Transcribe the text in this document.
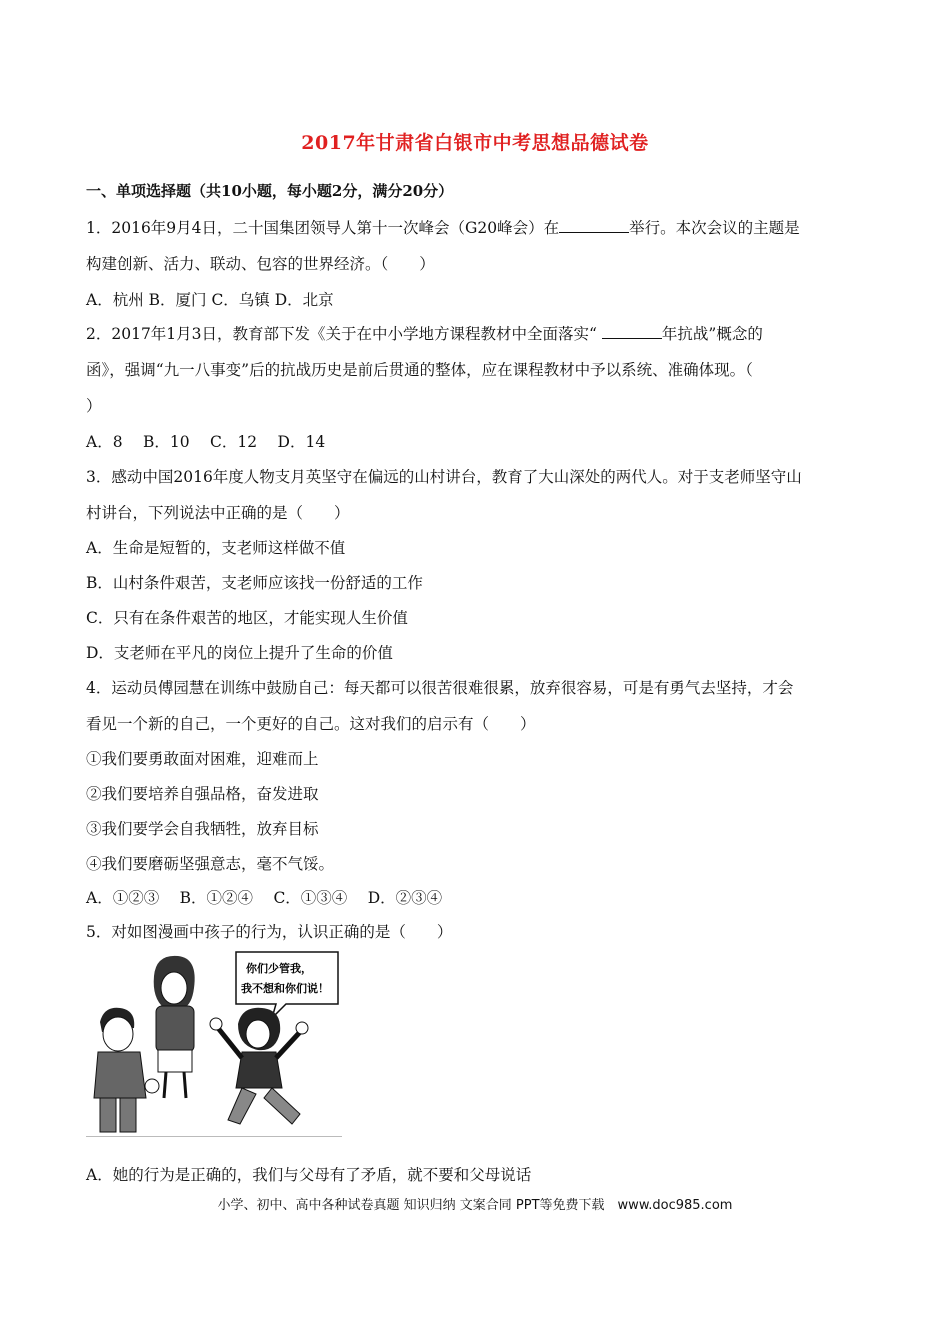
2017年甘肃省白银市中考思想品德试卷
一、单项选择题（共10小题，每小题2分，满分20分）
1．2016年9月4日，二十国集团领导人第十一次峰会（G20峰会）在	举行。本次会议的主题是
构建创新、活力、联动、包容的世界经济。（　　）
A．杭州 B．厦门 C．乌镇 D．北京
2．2017年1月3日，教育部下发《关于在中小学地方课程教材中全面落实“	年抗战”概念的
函》，强调“九一八事变”后的抗战历史是前后贯通的整体，应在课程教材中予以系统、准确体现。（
）
A．8　 B．10　 C．12　 D．14
3．感动中国2016年度人物支月英坚守在偏远的山村讲台，教育了大山深处的两代人。对于支老师坚守山
村讲台，下列说法中正确的是（　　）
A．生命是短暂的，支老师这样做不值
B．山村条件艰苦，支老师应该找一份舒适的工作
C．只有在条件艰苦的地区，才能实现人生价值
D．支老师在平凡的岗位上提升了生命的价值
4．运动员傅园慧在训练中鼓励自己：每天都可以很苦很难很累，放弃很容易，可是有勇气去坚持，才会
看见一个新的自己，一个更好的自己。这对我们的启示有（　　）
①我们要勇敢面对困难，迎难而上
②我们要培养自强品格，奋发进取
③我们要学会自我牺牲，放弃目标
④我们要磨砺坚强意志，毫不气馁。
A．①②③　 B．①②④　 C．①③④　 D．②③④
5．对如图漫画中孩子的行为，认识正确的是（　　）
你们少管我，
我不想和你们说！
A．她的行为是正确的，我们与父母有了矛盾，就不要和父母说话
小学、初中、高中各种试卷真题 知识归纳 文案合同 PPT等免费下载　www.doc985.com
